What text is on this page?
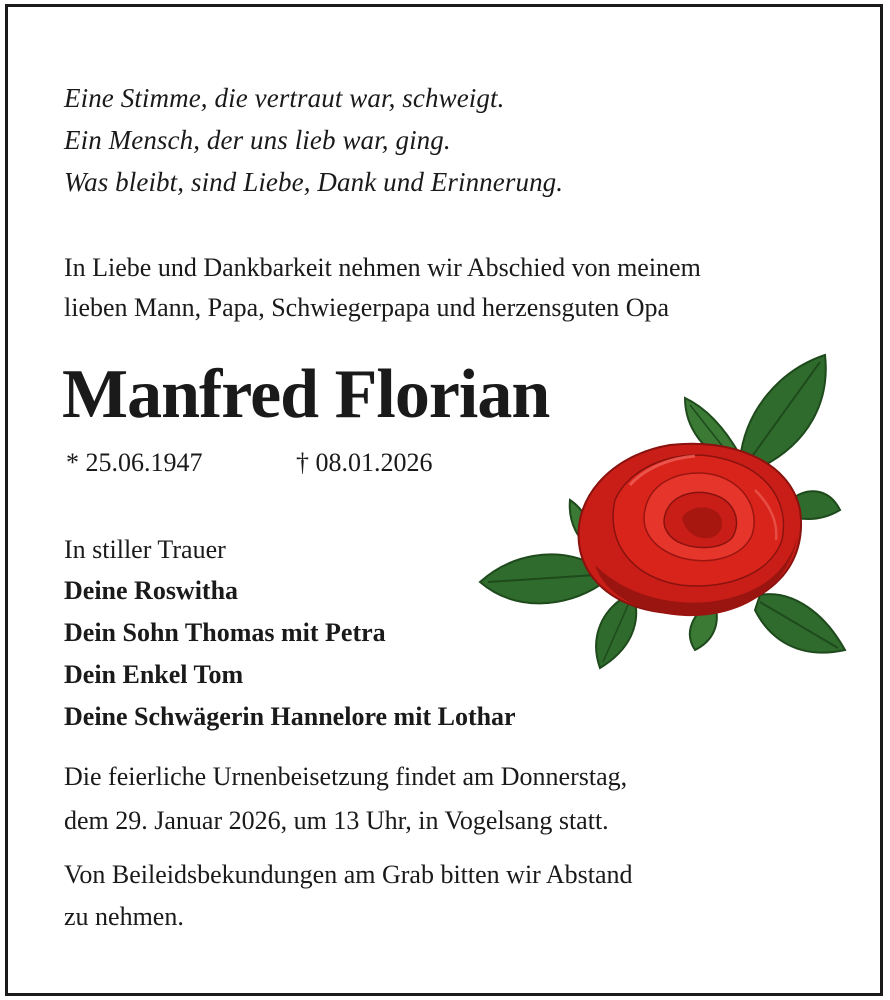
Eine Stimme, die vertraut war, schweigt.

Ein Mensch, der uns lieb war, ging.

Was bleibt, sind Liebe, Dank und Erinnerung.

In Liebe und Dankbarkeit nehmen wir Abschied von meinem

lieben Mann, Papa, Schwiegerpapa und herzensguten Opa

Manfred Florian

* 25.06.1947	† 08.01.2026

In stiller Trauer

Deine Roswitha

Dein Sohn Thomas mit Petra

Dein Enkel Tom

Deine Schwägerin Hannelore mit Lothar

Die feierliche Urnenbeisetzung findet am Donnerstag,

dem 29. Januar 2026, um 13 Uhr, in Vogelsang statt.

Von Beileidsbekundungen am Grab bitten wir Abstand

zu nehmen.
